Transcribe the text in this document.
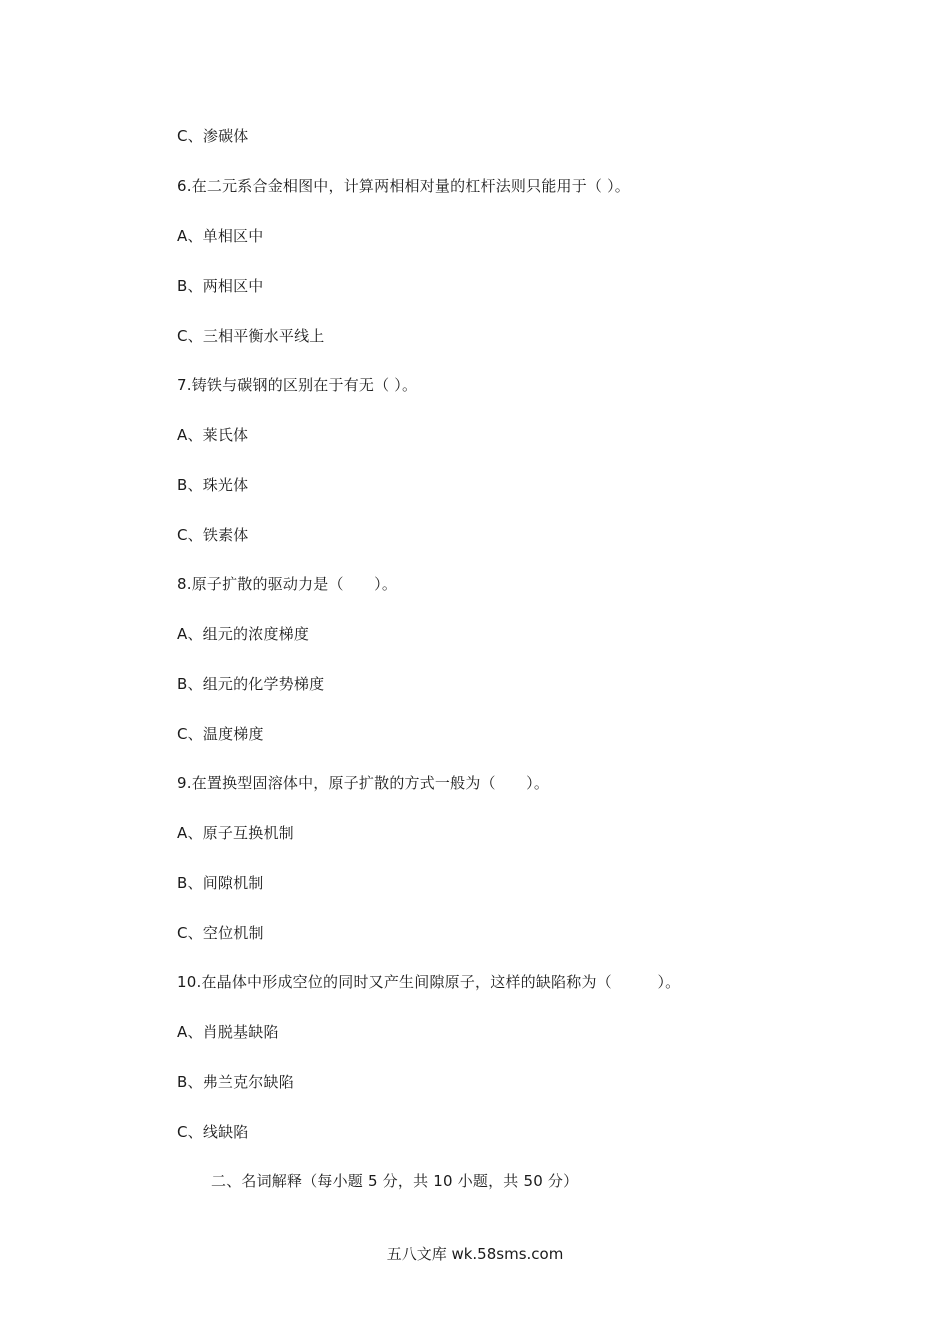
C、渗碳体
6.在二元系合金相图中，计算两相相对量的杠杆法则只能用于（ ）。
A、单相区中
B、两相区中
C、三相平衡水平线上
7.铸铁与碳钢的区别在于有无（ ）。
A、莱氏体
B、珠光体
C、铁素体
8.原子扩散的驱动力是（　　）。
A、组元的浓度梯度
B、组元的化学势梯度
C、温度梯度
9.在置换型固溶体中，原子扩散的方式一般为（　　）。
A、原子互换机制
B、间隙机制
C、空位机制
10.在晶体中形成空位的同时又产生间隙原子，这样的缺陷称为（　　　）。
A、肖脱基缺陷
B、弗兰克尔缺陷
C、线缺陷
二、名词解释（每小题 5 分，共 10 小题，共 50 分）
五八文库 wk.58sms.com
